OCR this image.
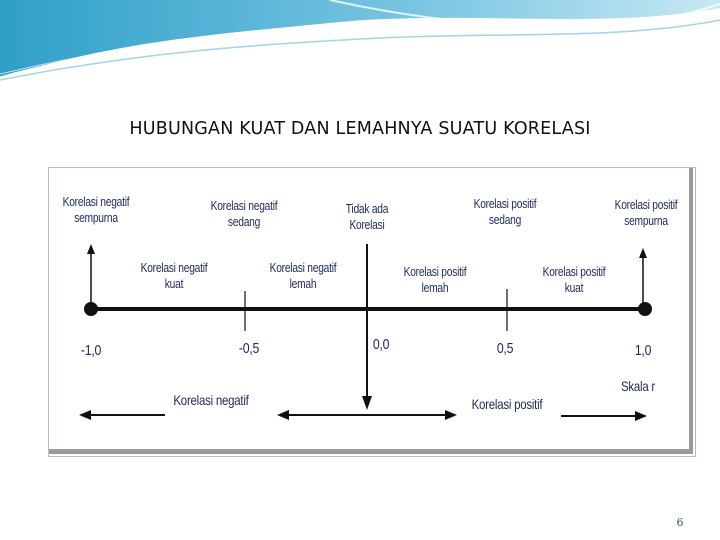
HUBUNGAN KUAT DAN LEMAHNYA SUATU KORELASI
Korelasi negatif
sempurna
Korelasi negatif
sedang
Tidak ada
Korelasi
Korelasi positif
sedang
Korelasi positif
sempurna
Korelasi negatif
kuat
Korelasi negatif
lemah
Korelasi positif
lemah
Korelasi positif
kuat
-1,0	-0,5	0,0	0,5	1,0
Skala r
Korelasi negatif	Korelasi positif
6
